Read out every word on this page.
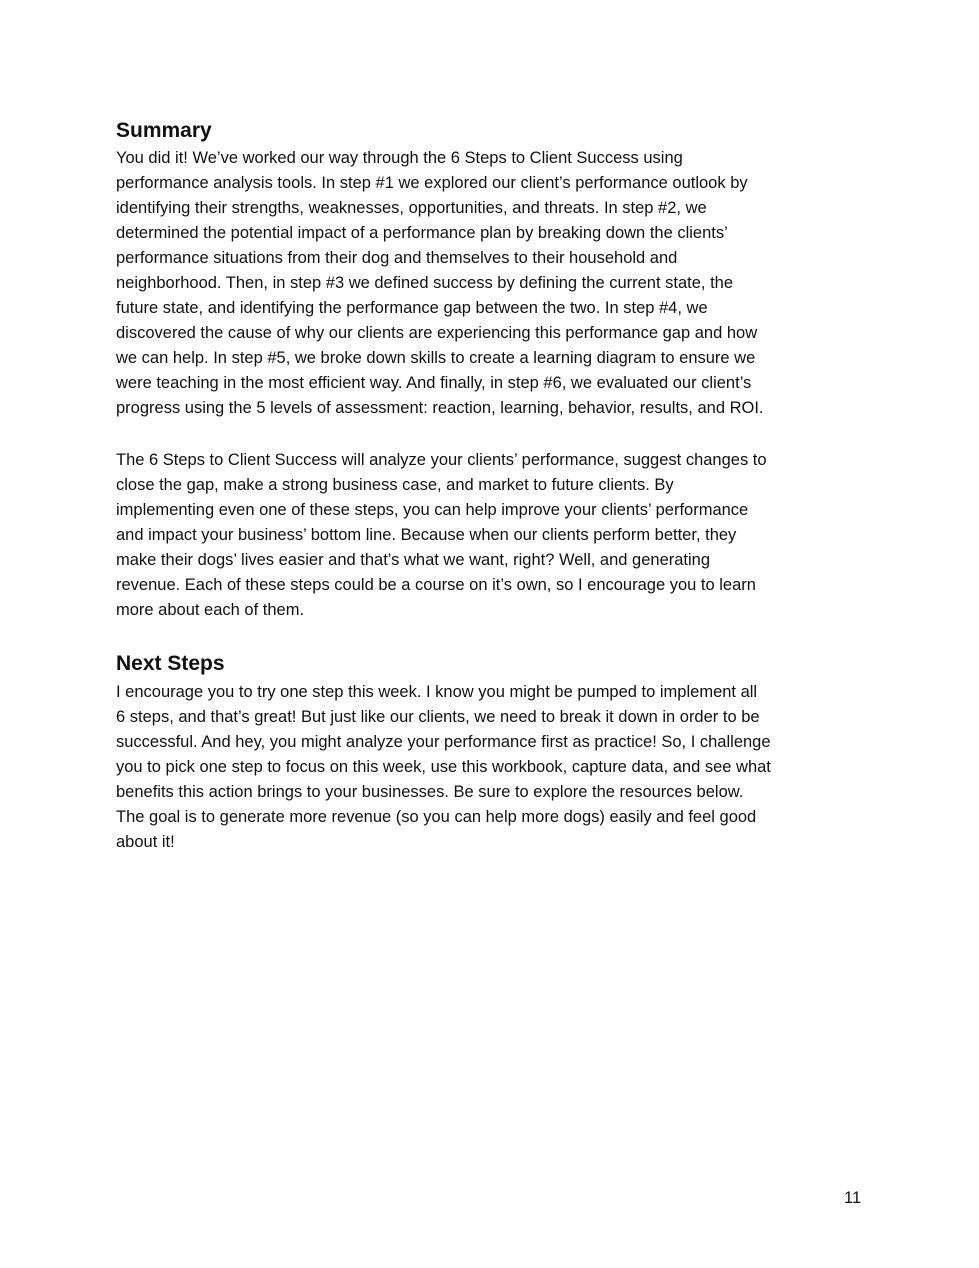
Summary

You did it! We’ve worked our way through the 6 Steps to Client Success using
performance analysis tools. In step #1 we explored our client’s performance outlook by
identifying their strengths, weaknesses, opportunities, and threats. In step #2, we
determined the potential impact of a performance plan by breaking down the clients’
performance situations from their dog and themselves to their household and
neighborhood. Then, in step #3 we defined success by defining the current state, the
future state, and identifying the performance gap between the two. In step #4, we
discovered the cause of why our clients are experiencing this performance gap and how
we can help. In step #5, we broke down skills to create a learning diagram to ensure we
were teaching in the most efficient way. And finally, in step #6, we evaluated our client’s
progress using the 5 levels of assessment: reaction, learning, behavior, results, and ROI.

The 6 Steps to Client Success will analyze your clients’ performance, suggest changes to
close the gap, make a strong business case, and market to future clients. By
implementing even one of these steps, you can help improve your clients’ performance
and impact your business’ bottom line. Because when our clients perform better, they
make their dogs’ lives easier and that’s what we want, right? Well, and generating
revenue. Each of these steps could be a course on it’s own, so I encourage you to learn
more about each of them.

Next Steps

I encourage you to try one step this week. I know you might be pumped to implement all
6 steps, and that’s great! But just like our clients, we need to break it down in order to be
successful. And hey, you might analyze your performance first as practice! So, I challenge
you to pick one step to focus on this week, use this workbook, capture data, and see what
benefits this action brings to your businesses. Be sure to explore the resources below.
The goal is to generate more revenue (so you can help more dogs) easily and feel good
about it!

11
